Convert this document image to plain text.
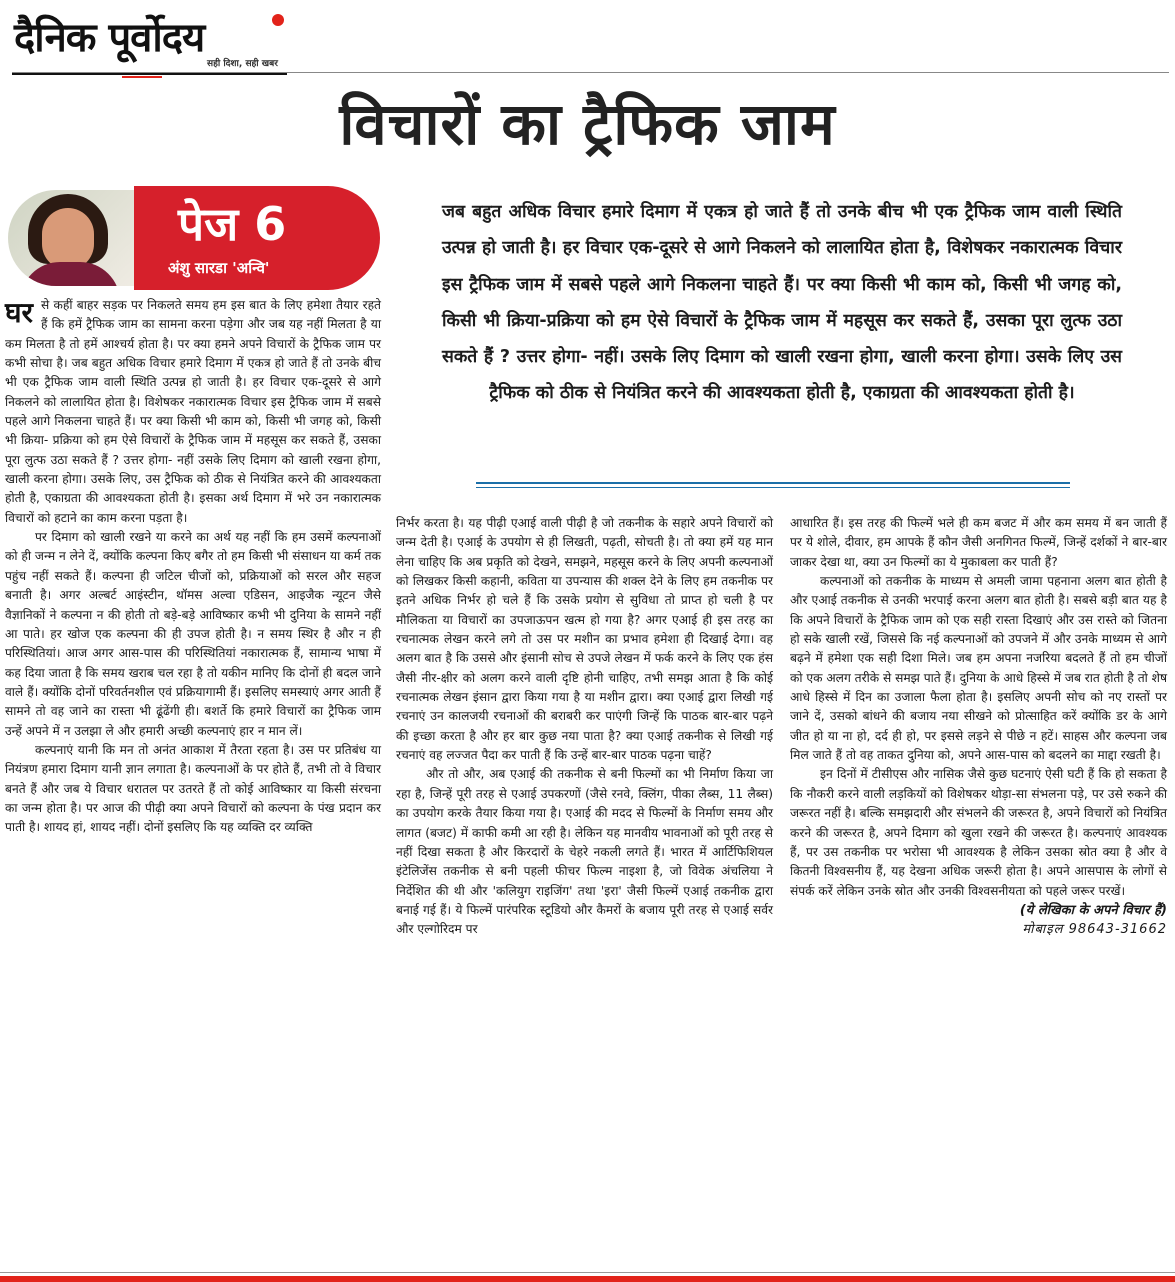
दैनिक पूर्वोदय
सही दिशा, सही खबर
विचारों का ट्रैफिक जाम
पेज 6
अंशु सारडा 'अन्वि'
जब बहुत अधिक विचार हमारे दिमाग में एकत्र हो जाते हैं तो उनके बीच भी एक ट्रैफिक जाम वाली स्थिति उत्पन्न हो जाती है। हर विचार एक-दूसरे से आगे निकलने को लालायित होता है, विशेषकर नकारात्मक विचार इस ट्रैफिक जाम में सबसे पहले आगे निकलना चाहते हैं। पर क्या किसी भी काम को, किसी भी जगह को, किसी भी क्रिया-प्रक्रिया को हम ऐसे विचारों के ट्रैफिक जाम में महसूस कर सकते हैं, उसका पूरा लुत्फ उठा सकते हैं ? उत्तर होगा- नहीं। उसके लिए दिमाग को खाली रखना होगा, खाली करना होगा। उसके लिए उस ट्रैफिक को ठीक से नियंत्रित करने की आवश्यकता होती है, एकाग्रता की आवश्यकता होती है।

घर से कहीं बाहर सड़क पर निकलते समय हम इस बात के लिए हमेशा तैयार रहते हैं कि हमें ट्रैफिक जाम का सामना करना पड़ेगा और जब यह नहीं मिलता है या कम मिलता है तो हमें आश्चर्य होता है। पर क्या हमने अपने विचारों के ट्रैफिक जाम पर कभी सोचा है। जब बहुत अधिक विचार हमारे दिमाग में एकत्र हो जाते हैं तो उनके बीच भी एक ट्रैफिक जाम वाली स्थिति उत्पन्न हो जाती है। हर विचार एक-दूसरे से आगे निकलने को लालायित होता है। विशेषकर नकारात्मक विचार इस ट्रैफिक जाम में सबसे पहले आगे निकलना चाहते हैं। पर क्या किसी भी काम को, किसी भी जगह को, किसी भी क्रिया- प्रक्रिया को हम ऐसे विचारों के ट्रैफिक जाम में महसूस कर सकते हैं, उसका पूरा लुत्फ उठा सकते हैं ? उत्तर होगा- नहीं उसके लिए दिमाग को खाली रखना होगा, खाली करना होगा। उसके लिए, उस ट्रैफिक को ठीक से नियंत्रित करने की आवश्यकता होती है, एकाग्रता की आवश्यकता होती है। इसका अर्थ दिमाग में भरे उन नकारात्मक विचारों को हटाने का काम करना पड़ता है।

पर दिमाग को खाली रखने या करने का अर्थ यह नहीं कि हम उसमें कल्पनाओं को ही जन्म न लेने दें, क्योंकि कल्पना किए बगैर तो हम किसी भी संसाधन या कर्म तक पहुंच नहीं सकते हैं। कल्पना ही जटिल चीजों को, प्रक्रियाओं को सरल और सहज बनाती है। अगर अल्बर्ट आइंस्टीन, थॉमस अल्वा एडिसन, आइजैक न्यूटन जैसे वैज्ञानिकों ने कल्पना न की होती तो बड़े-बड़े आविष्कार कभी भी दुनिया के सामने नहीं आ पाते। हर खोज एक कल्पना की ही उपज होती है। न समय स्थिर है और न ही परिस्थितियां। आज अगर आस-पास की परिस्थितियां नकारात्मक हैं, सामान्य भाषा में कह दिया जाता है कि समय खराब चल रहा है तो यकीन मानिए कि दोनों ही बदल जाने वाले हैं। क्योंकि दोनों परिवर्तनशील एवं प्रक्रियागामी हैं। इसलिए समस्याएं अगर आती हैं सामने तो वह जाने का रास्ता भी ढूंढेंगी ही। बशर्ते कि हमारे विचारों का ट्रैफिक जाम उन्हें अपने में न उलझा ले और हमारी अच्छी कल्पनाएं हार न मान लें।

कल्पनाएं यानी कि मन तो अनंत आकाश में तैरता रहता है। उस पर प्रतिबंध या नियंत्रण हमारा दिमाग यानी ज्ञान लगाता है। कल्पनाओं के पर होते हैं, तभी तो वे विचार बनते हैं और जब ये विचार धरातल पर उतरते हैं तो कोई आविष्कार या किसी संरचना का जन्म होता है। पर आज की पीढ़ी क्या अपने विचारों को कल्पना के पंख प्रदान कर पाती है। शायद हां, शायद नहीं। दोनों इसलिए कि यह व्यक्ति दर व्यक्ति

निर्भर करता है। यह पीढ़ी एआई वाली पीढ़ी है जो तकनीक के सहारे अपने विचारों को जन्म देती है। एआई के उपयोग से ही लिखती, पढ़ती, सोचती है। तो क्या हमें यह मान लेना चाहिए कि अब प्रकृति को देखने, समझने, महसूस करने के लिए अपनी कल्पनाओं को लिखकर किसी कहानी, कविता या उपन्यास की शक्ल देने के लिए हम तकनीक पर इतने अधिक निर्भर हो चले हैं कि उसके प्रयोग से सुविधा तो प्राप्त हो चली है पर मौलिकता या विचारों का उपजाऊपन खत्म हो गया है? अगर एआई ही इस तरह का रचनात्मक लेखन करने लगे तो उस पर मशीन का प्रभाव हमेशा ही दिखाई देगा। वह अलग बात है कि उससे और इंसानी सोच से उपजे लेखन में फर्क करने के लिए एक हंस जैसी नीर-क्षीर को अलग करने वाली दृष्टि होनी चाहिए, तभी समझ आता है कि कोई रचनात्मक लेखन इंसान द्वारा किया गया है या मशीन द्वारा। क्या एआई द्वारा लिखी गई रचनाएं उन कालजयी रचनाओं की बराबरी कर पाएंगी जिन्हें कि पाठक बार-बार पढ़ने की इच्छा करता है और हर बार कुछ नया पाता है? क्या एआई तकनीक से लिखी गई रचनाएं वह लज्जत पैदा कर पाती हैं कि उन्हें बार-बार पाठक पढ़ना चाहें?

और तो और, अब एआई की तकनीक से बनी फिल्मों का भी निर्माण किया जा रहा है, जिन्हें पूरी तरह से एआई उपकरणों (जैसे रनवे, क्लिंग, पीका लैब्स, 11 लैब्स) का उपयोग करके तैयार किया गया है। एआई की मदद से फिल्मों के निर्माण समय और लागत (बजट) में काफी कमी आ रही है। लेकिन यह मानवीय भावनाओं को पूरी तरह से नहीं दिखा सकता है और किरदारों के चेहरे नकली लगते हैं। भारत में आर्टिफिशियल इंटेलिजेंस तकनीक से बनी पहली फीचर फिल्म नाइशा है, जो विवेक अंचलिया ने निर्देशित की थी और 'कलियुग राइजिंग' तथा 'इरा' जैसी फिल्में एआई तकनीक द्वारा बनाई गई हैं। ये फिल्में पारंपरिक स्टूडियो और कैमरों के बजाय पूरी तरह से एआई सर्वर और एल्गोरिदम पर

आधारित हैं। इस तरह की फिल्में भले ही कम बजट में और कम समय में बन जाती हैं पर ये शोले, दीवार, हम आपके हैं कौन जैसी अनगिनत फिल्में, जिन्हें दर्शकों ने बार-बार जाकर देखा था, क्या उन फिल्मों का ये मुकाबला कर पाती हैं?

कल्पनाओं को तकनीक के माध्यम से अमली जामा पहनाना अलग बात होती है और एआई तकनीक से उनकी भरपाई करना अलग बात होती है। सबसे बड़ी बात यह है कि अपने विचारों के ट्रैफिक जाम को एक सही रास्ता दिखाएं और उस रास्ते को जितना हो सके खाली रखें, जिससे कि नई कल्पनाओं को उपजने में और उनके माध्यम से आगे बढ़ने में हमेशा एक सही दिशा मिले। जब हम अपना नजरिया बदलते हैं तो हम चीजों को एक अलग तरीके से समझ पाते हैं। दुनिया के आधे हिस्से में जब रात होती है तो शेष आधे हिस्से में दिन का उजाला फैला होता है। इसलिए अपनी सोच को नए रास्तों पर जाने दें, उसको बांधने की बजाय नया सीखने को प्रोत्साहित करें क्योंकि डर के आगे जीत हो या ना हो, दर्द ही हो, पर इससे लड़ने से पीछे न हटें। साहस और कल्पना जब मिल जाते हैं तो वह ताकत दुनिया को, अपने आस-पास को बदलने का माद्दा रखती है।

इन दिनों में टीसीएस और नासिक जैसे कुछ घटनाएं ऐसी घटी हैं कि हो सकता है कि नौकरी करने वाली लड़कियों को विशेषकर थोड़ा-सा संभलना पड़े, पर उसे रुकने की जरूरत नहीं है। बल्कि समझदारी और संभलने की जरूरत है, अपने विचारों को नियंत्रित करने की जरूरत है, अपने दिमाग को खुला रखने की जरूरत है। कल्पनाएं आवश्यक हैं, पर उस तकनीक पर भरोसा भी आवश्यक है लेकिन उसका स्रोत क्या है और वे कितनी विश्वसनीय हैं, यह देखना अधिक जरूरी होता है। अपने आसपास के लोगों से संपर्क करें लेकिन उनके स्रोत और उनकी विश्वसनीयता को पहले जरूर परखें।

(ये लेखिका के अपने विचार हैं)

मोबाइल 98643-31662
